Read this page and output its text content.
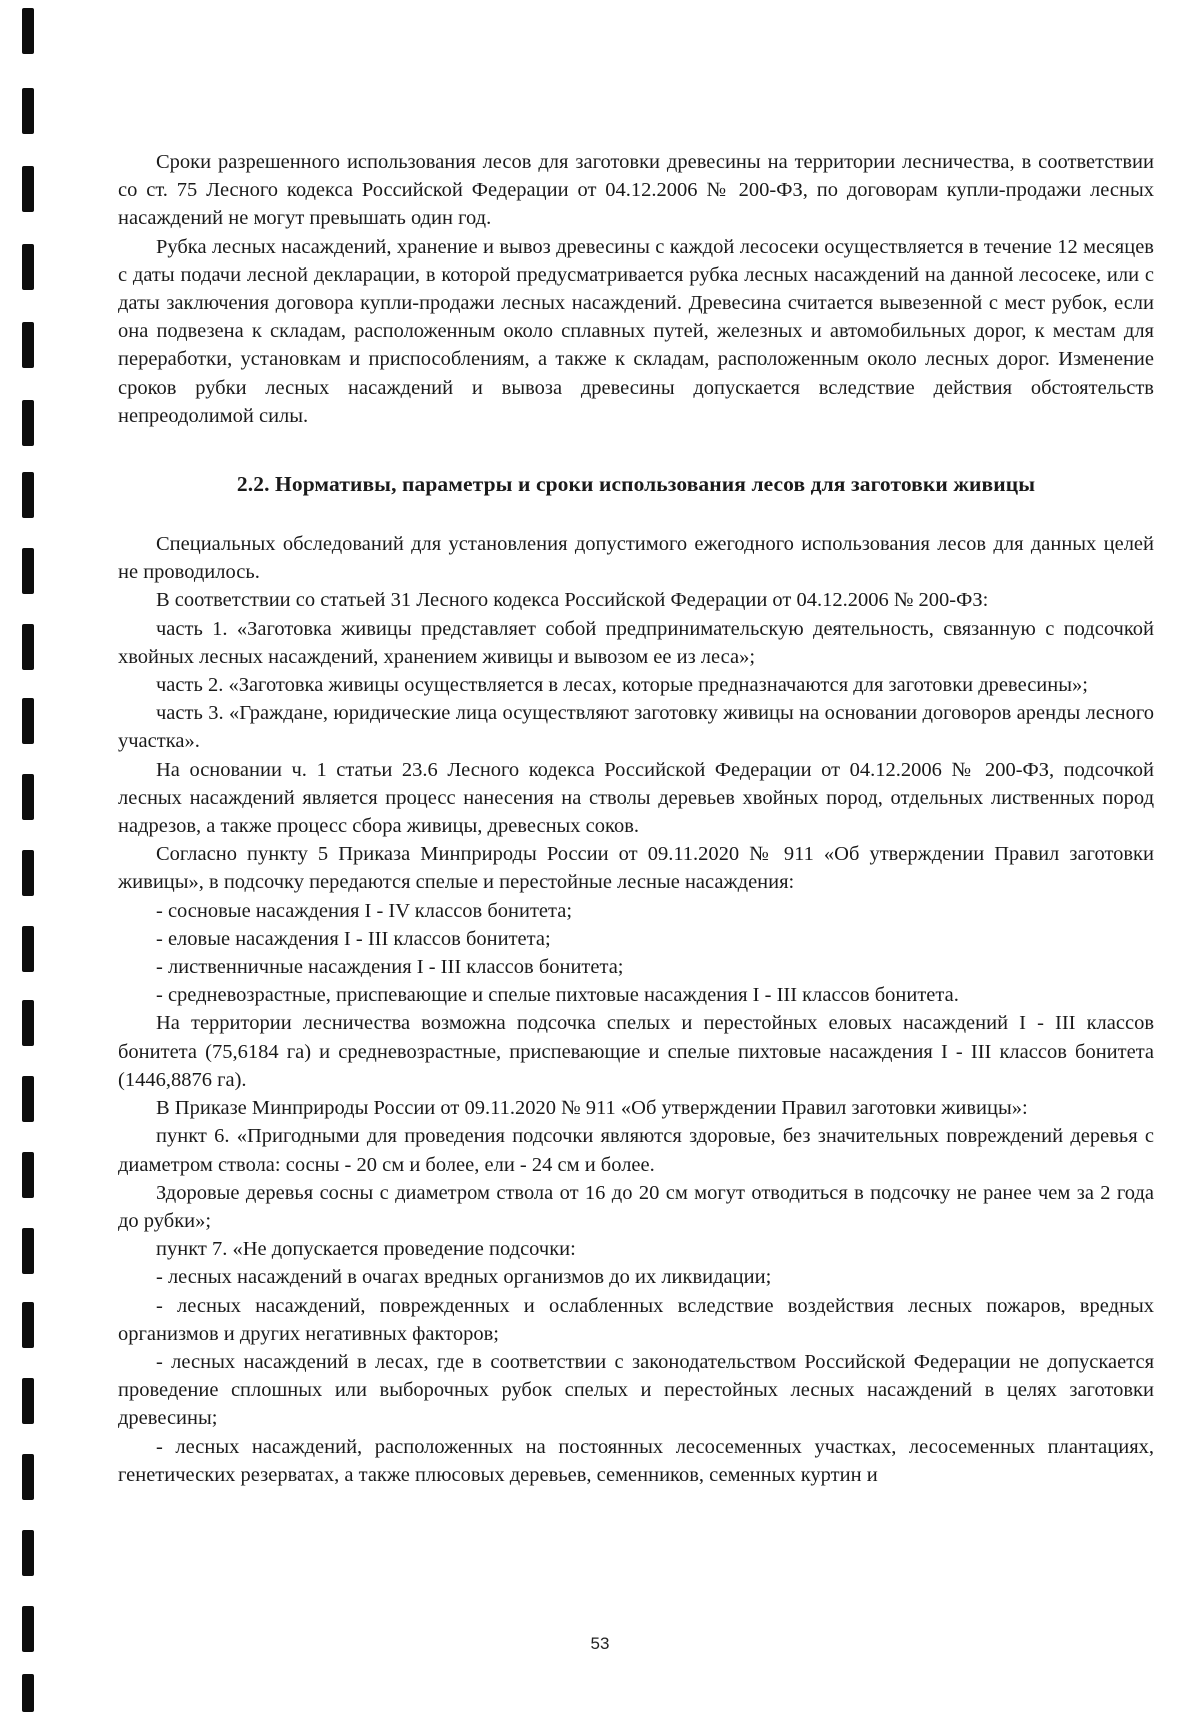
Сроки разрешенного использования лесов для заготовки древесины на территории лесничества, в соответствии со ст. 75 Лесного кодекса Российской Федерации от 04.12.2006 № 200-ФЗ, по договорам купли-продажи лесных насаждений не могут превышать один год.

Рубка лесных насаждений, хранение и вывоз древесины с каждой лесосеки осуществляется в течение 12 месяцев с даты подачи лесной декларации, в которой предусматривается рубка лесных насаждений на данной лесосеке, или с даты заключения договора купли-продажи лесных насаждений. Древесина считается вывезенной с мест рубок, если она подвезена к складам, расположенным около сплавных путей, железных и автомобильных дорог, к местам для переработки, установкам и приспособлениям, а также к складам, расположенным около лесных дорог. Изменение сроков рубки лесных насаждений и вывоза древесины допускается вследствие действия обстоятельств непреодолимой силы.

2.2. Нормативы, параметры и сроки использования лесов для заготовки живицы

Специальных обследований для установления допустимого ежегодного использования лесов для данных целей не проводилось.

В соответствии со статьей 31 Лесного кодекса Российской Федерации от 04.12.2006 № 200-ФЗ:

часть 1. «Заготовка живицы представляет собой предпринимательскую деятельность, связанную с подсочкой хвойных лесных насаждений, хранением живицы и вывозом ее из леса»;

часть 2. «Заготовка живицы осуществляется в лесах, которые предназначаются для заготовки древесины»;

часть 3. «Граждане, юридические лица осуществляют заготовку живицы на основании договоров аренды лесного участка».

На основании ч. 1 статьи 23.6 Лесного кодекса Российской Федерации от 04.12.2006 № 200-ФЗ, подсочкой лесных насаждений является процесс нанесения на стволы деревьев хвойных пород, отдельных лиственных пород надрезов, а также процесс сбора живицы, древесных соков.

Согласно пункту 5 Приказа Минприроды России от 09.11.2020 № 911 «Об утверждении Правил заготовки живицы», в подсочку передаются спелые и перестойные лесные насаждения:

- сосновые насаждения I - IV классов бонитета;

- еловые насаждения I - III классов бонитета;

- лиственничные насаждения I - III классов бонитета;

- средневозрастные, приспевающие и спелые пихтовые насаждения I - III классов бонитета.

На территории лесничества возможна подсочка спелых и перестойных еловых насаждений I - III классов бонитета (75,6184 га) и средневозрастные, приспевающие и спелые пихтовые насаждения I - III классов бонитета (1446,8876 га).

В Приказе Минприроды России от 09.11.2020 № 911 «Об утверждении Правил заготовки живицы»:

пункт 6. «Пригодными для проведения подсочки являются здоровые, без значительных повреждений деревья с диаметром ствола: сосны - 20 см и более, ели - 24 см и более.

Здоровые деревья сосны с диаметром ствола от 16 до 20 см могут отводиться в подсочку не ранее чем за 2 года до рубки»;

пункт 7. «Не допускается проведение подсочки:

- лесных насаждений в очагах вредных организмов до их ликвидации;

- лесных насаждений, поврежденных и ослабленных вследствие воздействия лесных пожаров, вредных организмов и других негативных факторов;

- лесных насаждений в лесах, где в соответствии с законодательством Российской Федерации не допускается проведение сплошных или выборочных рубок спелых и перестойных лесных насаждений в целях заготовки древесины;

- лесных насаждений, расположенных на постоянных лесосеменных участках, лесосеменных плантациях, генетических резерватах, а также плюсовых деревьев, семенников, семенных куртин и

53
